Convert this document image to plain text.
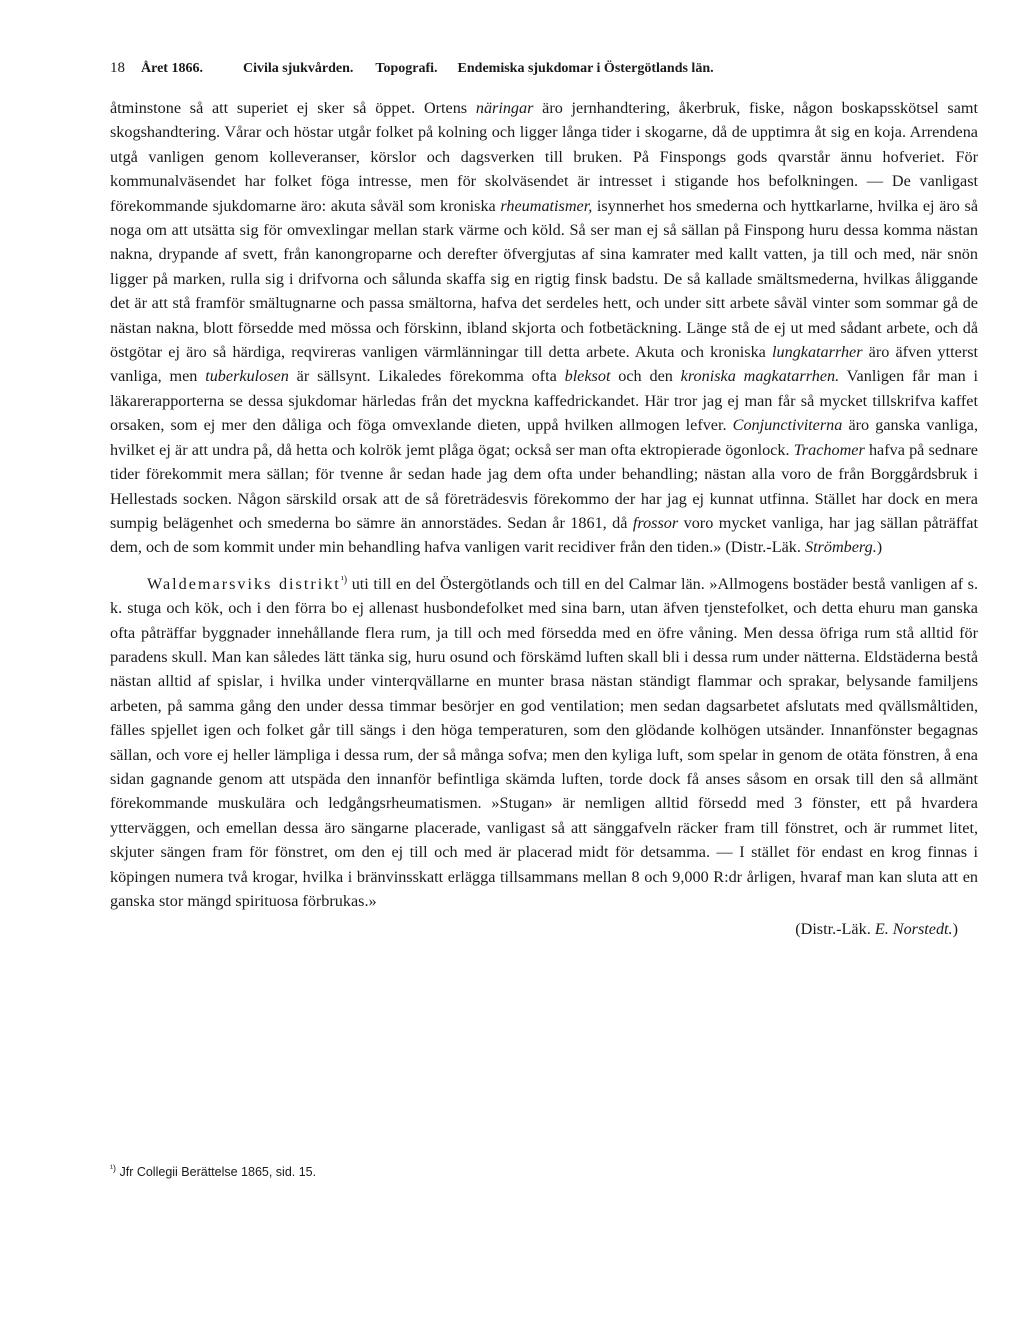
18 Året 1866.	Civila sjukvården. Topografi. Endemiska sjukdomar i Östergötlands län.

åtminstone så att superiet ej sker så öppet. Ortens näringar äro jernhandtering, åkerbruk, fiske, någon boskapsskötsel samt skogshandtering. Vårar och höstar utgår folket på kolning och ligger långa tider i skogarne, då de upptimra åt sig en koja. Arrendena utgå vanligen genom kolleveranser, körslor och dagsverken till bruken. På Finspongs gods qvarstår ännu hofveriet. För kommunalväsendet har folket föga intresse, men för skolväsendet är intresset i stigande hos befolkningen. — De vanligast förekommande sjukdomarne äro: akuta såväl som kroniska rheumatismer, isynnerhet hos smederna och hyttkarlarne, hvilka ej äro så noga om att utsätta sig för omvexlingar mellan stark värme och köld. Så ser man ej så sällan på Finspong huru dessa komma nästan nakna, drypande af svett, från kanongroparne och derefter öfvergjutas af sina kamrater med kallt vatten, ja till och med, när snön ligger på marken, rulla sig i drifvorna och sålunda skaffa sig en rigtig finsk badstu. De så kallade smältsmederna, hvilkas åliggande det är att stå framför smältugnarne och passa smältorna, hafva det serdeles hett, och under sitt arbete såväl vinter som sommar gå de nästan nakna, blott försedde med mössa och förskinn, ibland skjorta och fotbetäckning. Länge stå de ej ut med sådant arbete, och då östgötar ej äro så härdiga, reqvireras vanligen värmlänningar till detta arbete. Akuta och kroniska lungkatarrher äro äfven ytterst vanliga, men tuberkulosen är sällsynt. Likaledes förekomma ofta bleksot och den kroniska magkatarrhen. Vanligen får man i läkarerapporterna se dessa sjukdomar härledas från det myckna kaffedrickandet. Här tror jag ej man får så mycket tillskrifva kaffet orsaken, som ej mer den dåliga och föga omvexlande dieten, uppå hvilken allmogen lefver. Conjunctiviterna äro ganska vanliga, hvilket ej är att undra på, då hetta och kolrök jemt plåga ögat; också ser man ofta ektropierade ögonlock. Trachomer hafva på sednare tider förekommit mera sällan; för tvenne år sedan hade jag dem ofta under behandling; nästan alla voro de från Borggårdsbruk i Hellestads socken. Någon särskild orsak att de så företrädesvis förekommo der har jag ej kunnat utfinna. Stället har dock en mera sumpig belägenhet och smederna bo sämre än annorstädes. Sedan år 1861, då frossor voro mycket vanliga, har jag sällan påträffat dem, och de som kommit under min behandling hafva vanligen varit recidiver från den tiden.» (Distr.-Läk. Strömberg.)

Waldemarsviks distrikt$^{^1)}$ uti till en del Östergötlands och till en del Calmar län. »Allmogens bostäder bestå vanligen af s. k. stuga och kök, och i den förra bo ej allenast husbondefolket med sina barn, utan äfven tjenstefolket, och detta ehuru man ganska ofta påträffar byggnader innehållande flera rum, ja till och med försedda med en öfre våning. Men dessa öfriga rum stå alltid för paradens skull. Man kan således lätt tänka sig, huru osund och förskämd luften skall bli i dessa rum under nätterna. Eldstäderna bestå nästan alltid af spislar, i hvilka under vinterqvällarne en munter brasa nästan ständigt flammar och sprakar, belysande familjens arbeten, på samma gång den under dessa timmar besörjer en god ventilation; men sedan dagsarbetet afslutats med qvällsmåltiden, fälles spjellet igen och folket går till sängs i den höga temperaturen, som den glödande kolhögen utsänder. Innanfönster begagnas sällan, och vore ej heller lämpliga i dessa rum, der så många sofva; men den kyliga luft, som spelar in genom de otäta fönstren, å ena sidan gagnande genom att utspäda den innanför befintliga skämda luften, torde dock få anses såsom en orsak till den så allmänt förekommande muskulära och ledgångsrheumatismen. »Stugan» är nemligen alltid försedd med 3 fönster, ett på hvardera ytterväggen, och emellan dessa äro sängarne placerade, vanligast så att sänggafveln räcker fram till fönstret, och är rummet litet, skjuter sängen fram för fönstret, om den ej till och med är placerad midt för detsamma. — I stället för endast en krog finnas i köpingen numera två krogar, hvilka i bränvinsskatt erlägga tillsammans mellan 8 och 9,000 R:dr årligen, hvaraf man kan sluta att en ganska stor mängd spirituosa förbrukas.»

(Distr.-Läk. E. Norstedt.)
$^{^1)}$ Jfr Collegii Berättelse 1865, sid. 15.
